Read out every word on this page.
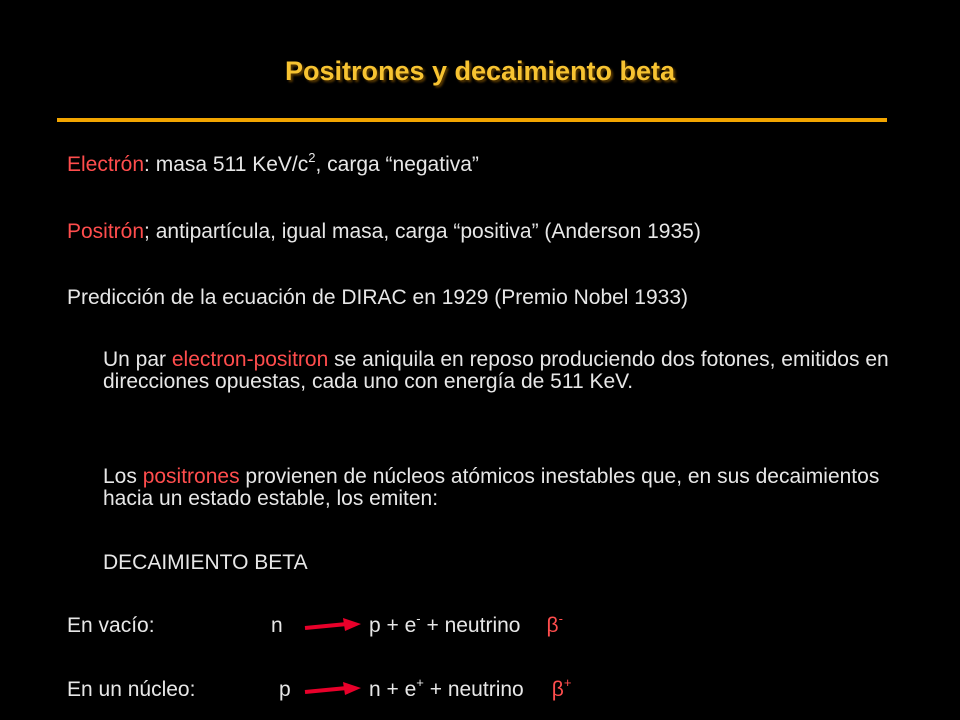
Positrones y decaimiento beta
Electrón: masa 511 KeV/$c^2$, carga “negativa”
Positrón; antipartícula, igual masa, carga “positiva” (Anderson 1935)
Predicción de la ecuación de DIRAC en 1929 (Premio Nobel 1933)
Un par electron-positron se aniquila en reposo produciendo dos fotones, emitidos en direcciones opuestas, cada uno con energía de 511 KeV.
Los positrones provienen de núcleos atómicos inestables que, en sus decaimientos hacia un estado estable, los emiten:
DECAIMIENTO BETA
En vacío:	n	p + e- + neutrino β-
En un núcleo:	p	n + e+ + neutrino β+
